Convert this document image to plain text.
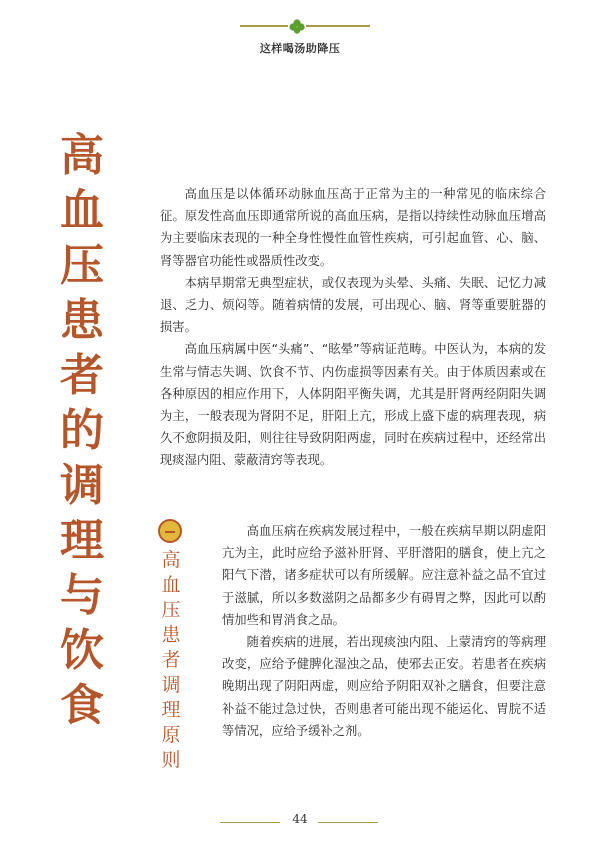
这样喝汤助降压
高
血
压
患
者
的
调
理
与
饮
食

高血压是以体循环动脉血压高于正常为主的一种常见的临床综合征。原发性高血压即通常所说的高血压病，是指以持续性动脉血压增高为主要临床表现的一种全身性慢性血管性疾病，可引起血管、心、脑、肾等器官功能性或器质性改变。

本病早期常无典型症状，或仅表现为头晕、头痛、失眠、记忆力减退、乏力、烦闷等。随着病情的发展，可出现心、脑、肾等重要脏器的损害。

高血压病属中医“头痛”、“眩晕”等病证范畴。中医认为，本病的发生常与情志失调、饮食不节、内伤虚损等因素有关。由于体质因素或在各种原因的相应作用下，人体阴阳平衡失调，尤其是肝肾两经阴阳失调为主，一般表现为肾阴不足，肝阳上亢，形成上盛下虚的病理表现，病久不愈阴损及阳，则往往导致阴阳两虚，同时在疾病过程中，还经常出现痰湿内阻、蒙蔽清窍等表现。

高
血
压
患
者
调
理
原
则

高血压病在疾病发展过程中，一般在疾病早期以阴虚阳亢为主，此时应给予滋补肝肾、平肝潜阳的膳食，使上亢之阳气下潜，诸多症状可以有所缓解。应注意补益之品不宜过于滋腻，所以多数滋阴之品都多少有碍胃之弊，因此可以酌情加些和胃消食之品。

随着疾病的进展，若出现痰浊内阻、上蒙清窍的等病理改变，应给予健脾化湿浊之品，使邪去正安。若患者在疾病晚期出现了阴阳两虚，则应给予阴阳双补之膳食，但要注意补益不能过急过快，否则患者可能出现不能运化、胃脘不适等情况，应给予缓补之剂。

44
